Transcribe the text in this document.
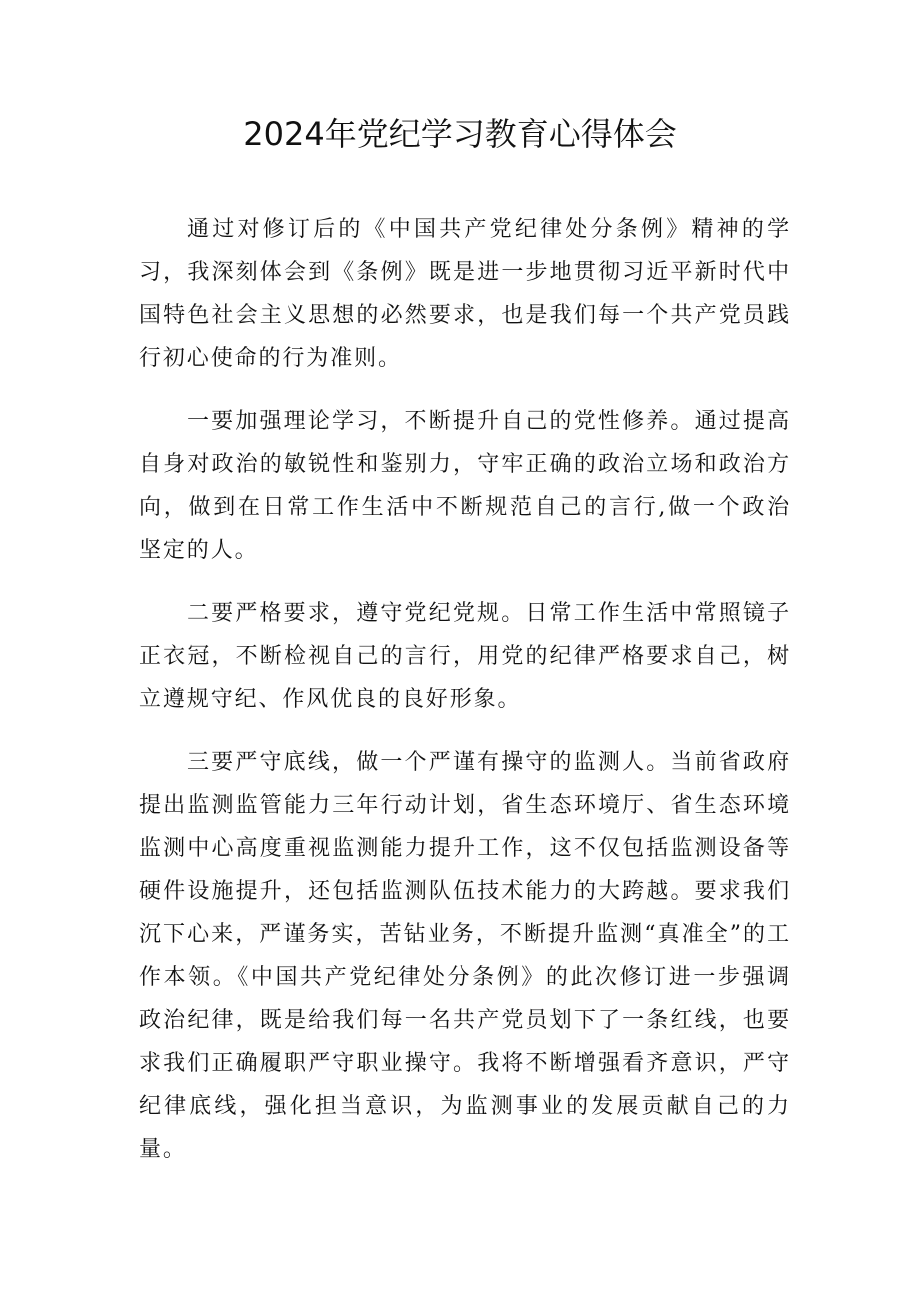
2024年党纪学习教育心得体会

通过对修订后的《中国共产党纪律处分条例》精神的学习，我深刻体会到《条例》既是进一步地贯彻习近平新时代中国特色社会主义思想的必然要求，也是我们每一个共产党员践行初心使命的行为准则。

一要加强理论学习，不断提升自己的党性修养。通过提高自身对政治的敏锐性和鉴别力，守牢正确的政治立场和政治方向，做到在日常工作生活中不断规范自己的言行,做一个政治坚定的人。

二要严格要求，遵守党纪党规。日常工作生活中常照镜子正衣冠，不断检视自己的言行，用党的纪律严格要求自己，树立遵规守纪、作风优良的良好形象。

三要严守底线，做一个严谨有操守的监测人。当前省政府提出监测监管能力三年行动计划，省生态环境厅、省生态环境监测中心高度重视监测能力提升工作，这不仅包括监测设备等硬件设施提升，还包括监测队伍技术能力的大跨越。要求我们沉下心来，严谨务实，苦钻业务，不断提升监测“真准全”的工作本领。《中国共产党纪律处分条例》的此次修订进一步强调政治纪律，既是给我们每一名共产党员划下了一条红线，也要求我们正确履职严守职业操守。我将不断增强看齐意识，严守纪律底线，强化担当意识，为监测事业的发展贡献自己的力量。
